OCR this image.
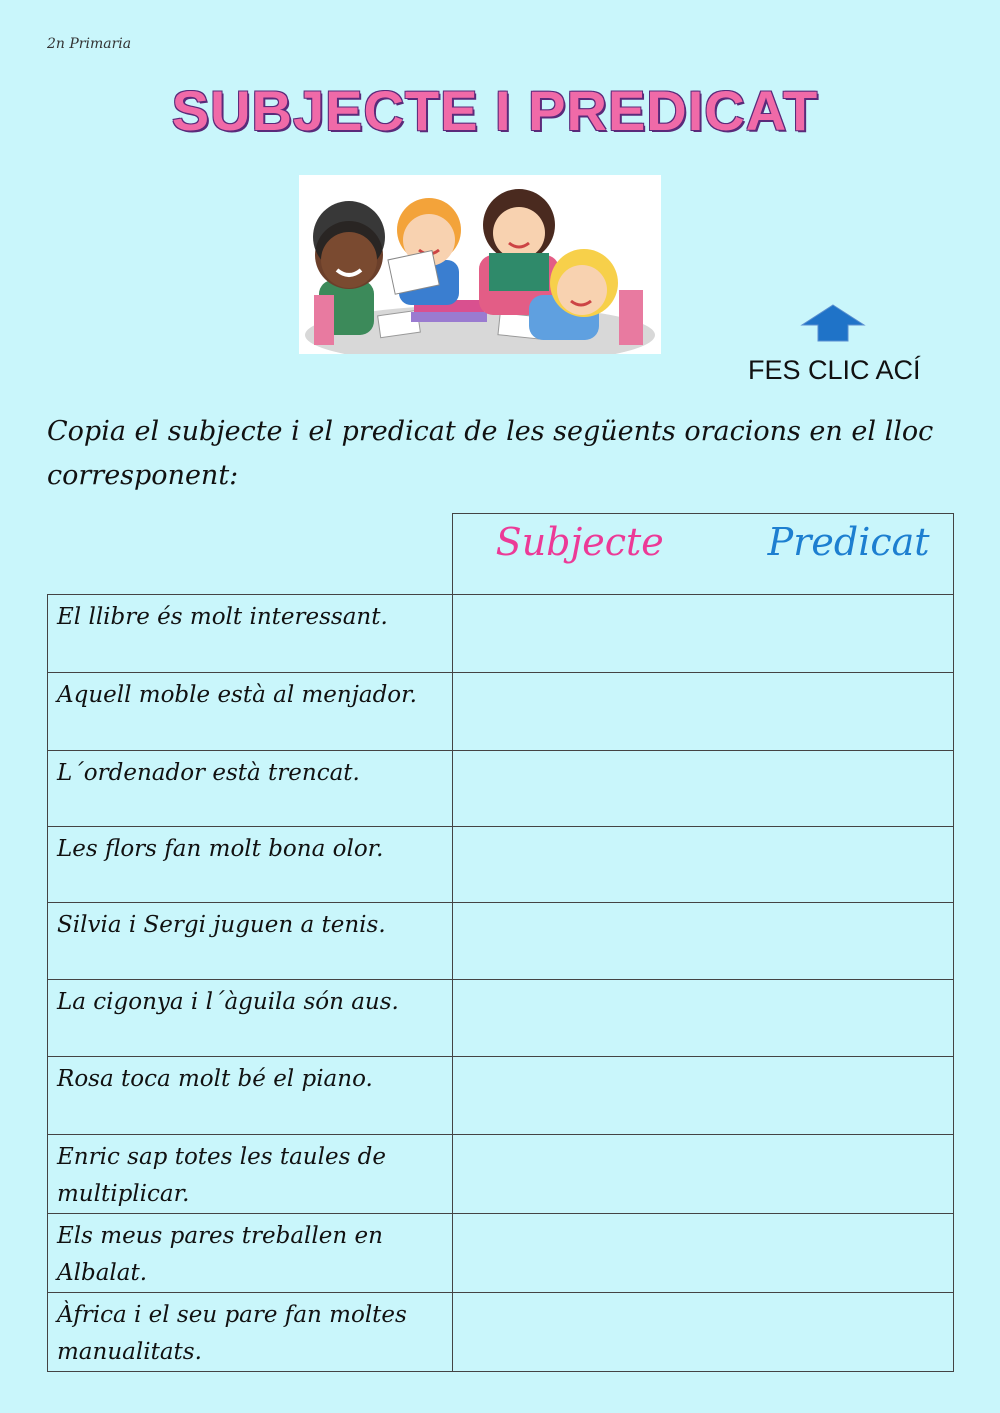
2n Primaria
SUBJECTE I PREDICAT
FES CLIC ACÍ
Copia el subjecte i el predicat de les següents oracions en el lloc corresponent:

	Subjecte Predicat

El llibre és molt interessant.	
Aquell moble està al menjador.	
L´ordenador està trencat.	
Les flors fan molt bona olor.	
Silvia i Sergi juguen a tenis.	
La cigonya i l´àguila són aus.	
Rosa toca molt bé el piano.	
Enric sap totes les taules de multiplicar.	
Els meus pares treballen en Albalat.	
Àfrica i el seu pare fan moltes manualitats.	
